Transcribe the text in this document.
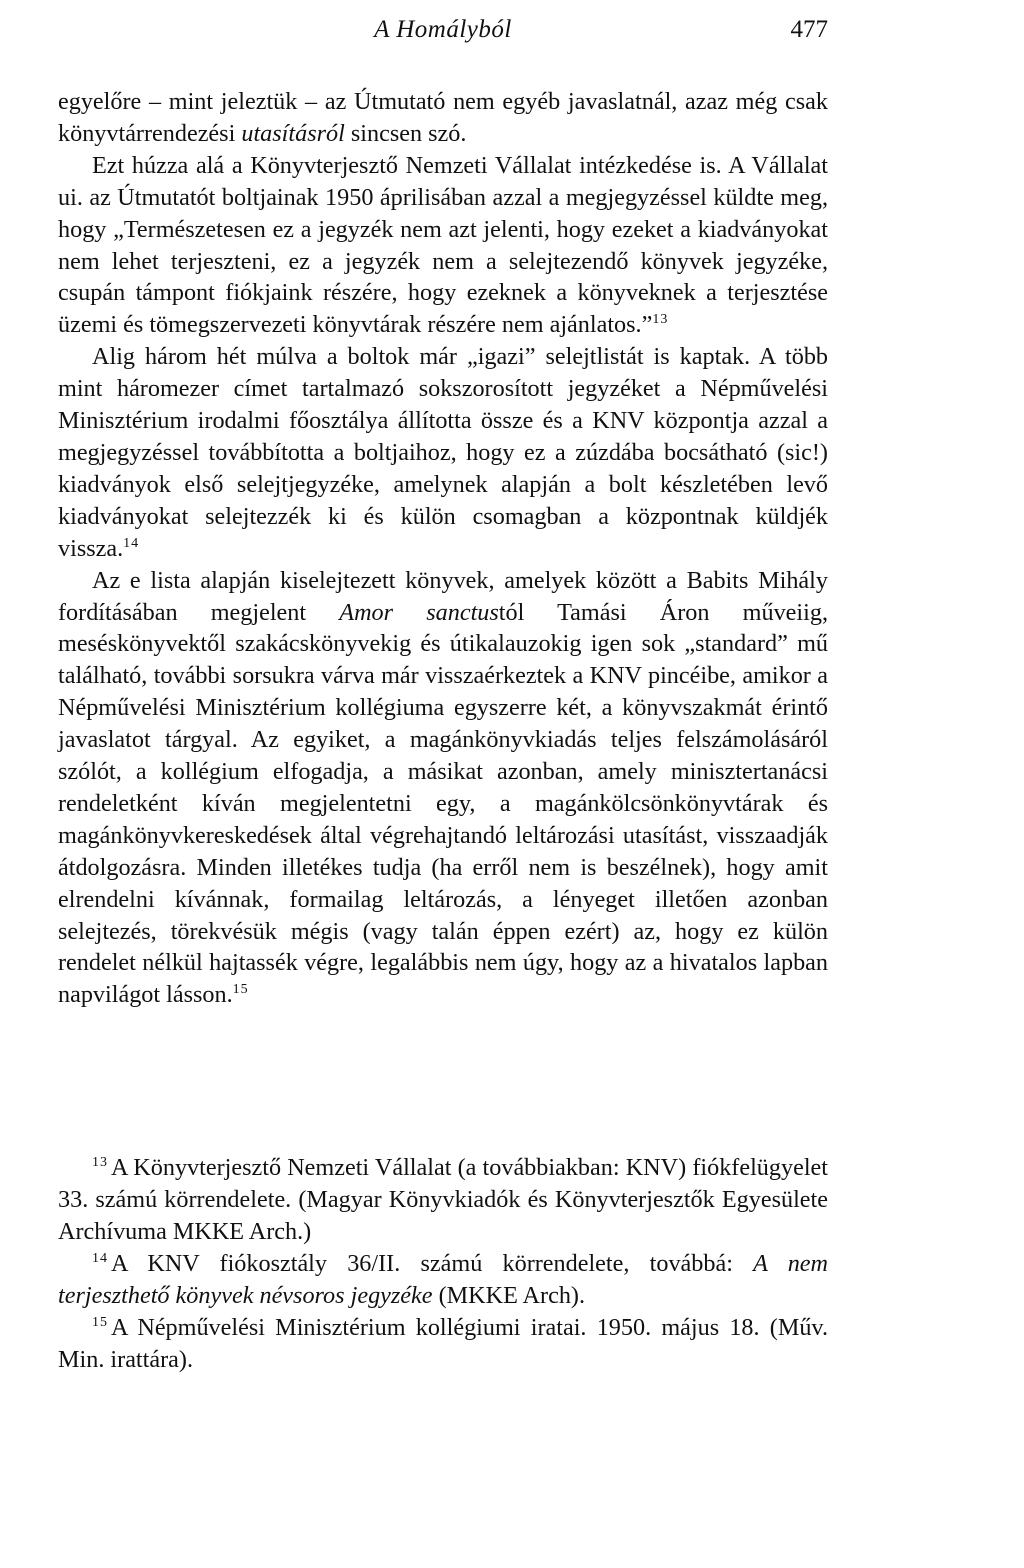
A Homályból	477

egyelőre – mint jeleztük – az Útmutató nem egyéb javaslatnál, azaz még csak könyvtárrendezési utasításról sincsen szó.

Ezt húzza alá a Könyvterjesztő Nemzeti Vállalat intézkedése is. A Vállalat ui. az Útmutatót boltjainak 1950 áprilisában azzal a megjegyzéssel küldte meg, hogy „Természetesen ez a jegyzék nem azt jelenti, hogy ezeket a kiadványokat nem lehet terjeszteni, ez a jegyzék nem a selejtezendő könyvek jegyzéke, csupán támpont fiókjaink részére, hogy ezeknek a könyveknek a terjesztése üzemi és tömegszervezeti könyvtárak részére nem ajánlatos.”$^{13}$

Alig három hét múlva a boltok már „igazi” selejtlistát is kaptak. A több mint háromezer címet tartalmazó sokszorosított jegyzéket a Népművelési Minisztérium irodalmi főosztálya állította össze és a KNV központja azzal a megjegyzéssel továbbította a boltjaihoz, hogy ez a zúzdába bocsátható (sic!) kiadványok első selejtjegyzéke, amelynek alapján a bolt készletében levő kiadványokat selejtezzék ki és külön csomagban a központnak küldjék vissza.$^{14}$

Az e lista alapján kiselejtezett könyvek, amelyek között a Babits Mihály fordításában megjelent Amor sanctustól Tamási Áron műveiig, meséskönyvektől szakácskönyvekig és útikalauzokig igen sok „standard” mű található, további sorsukra várva már visszaérkeztek a KNV pincéibe, amikor a Népművelési Minisztérium kollégiuma egyszerre két, a könyvszakmát érintő javaslatot tárgyal. Az egyiket, a magánkönyvkiadás teljes felszámolásáról szólót, a kollégium elfogadja, a másikat azonban, amely minisztertanácsi rendeletként kíván megjelentetni egy, a magánkölcsönkönyvtárak és magánkönyvkereskedések által végrehajtandó leltározási utasítást, visszaadják átdolgozásra. Minden illetékes tudja (ha erről nem is beszélnek), hogy amit elrendelni kívánnak, formailag leltározás, a lényeget illetően azonban selejtezés, törekvésük mégis (vagy talán éppen ezért) az, hogy ez külön rendelet nélkül hajtassék végre, legalábbis nem úgy, hogy az a hivatalos lapban napvilágot lásson.$^{15}$

$^{13}$ A Könyvterjesztő Nemzeti Vállalat (a továbbiakban: KNV) fiókfelügyelet 33. számú körrendelete. (Magyar Könyvkiadók és Könyvterjesztők Egyesülete Archívuma MKKE Arch.)

$^{14}$ A KNV fiókosztály 36/II. számú körrendelete, továbbá: A nem terjeszthető könyvek névsoros jegyzéke (MKKE Arch).

$^{15}$ A Népművelési Minisztérium kollégiumi iratai. 1950. május 18. (Műv. Min. irattára).
